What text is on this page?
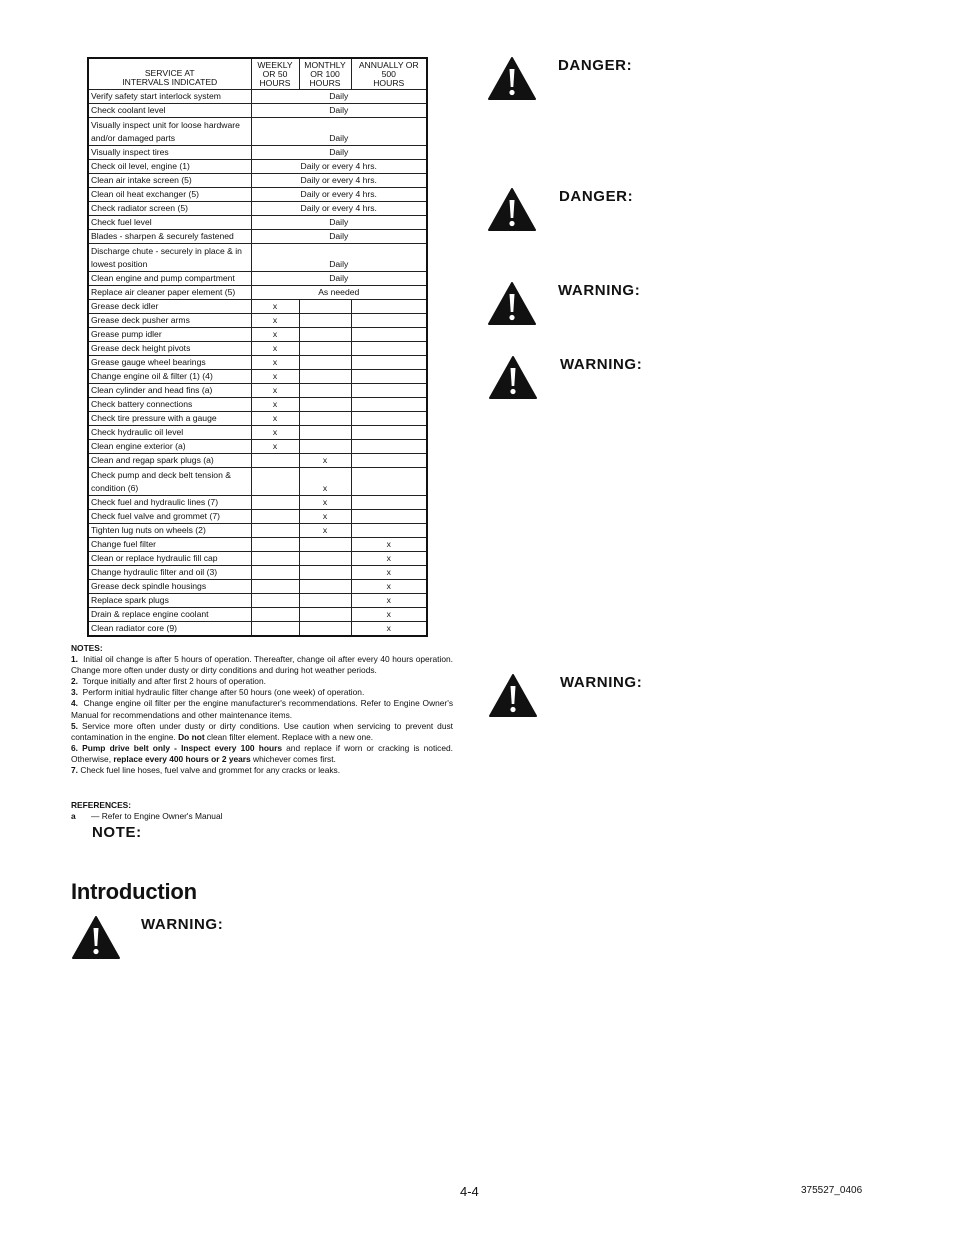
SERVICE AT
INTERVALS INDICATED	WEEKLY
OR 50
HOURS	MONTHLY
OR 100
HOURS	ANNUALLY OR
500
HOURS
Verify safety start interlock system	Daily		
Check coolant level	Daily		
Visually inspect unit for loose hardware and/or damaged parts	Daily		
Visually inspect tires	Daily		
Check oil level, engine (1)	Daily or every 4 hrs.		
Clean air intake screen (5)	Daily or every 4 hrs.		
Clean oil heat exchanger (5)	Daily or every 4 hrs.		
Check radiator screen (5)	Daily or every 4 hrs.		
Check fuel level	Daily		
Blades - sharpen & securely fastened	Daily		
Discharge chute - securely in place & in lowest position	Daily		
Clean engine and pump compartment	Daily		
Replace air cleaner paper element (5)	As needed		
Grease deck idler	x		
Grease deck pusher arms	x		
Grease pump idler	x		
Grease deck height pivots	x		
Grease gauge wheel bearings	x		
Change engine oil & filter (1) (4)	x		
Clean cylinder and head fins (a)	x		
Check battery connections	x		
Check tire pressure with a gauge	x		
Check hydraulic oil level	x		
Clean engine exterior (a)	x		
Clean and regap spark plugs (a)		x	
Check pump and deck belt tension & condition (6)		x	
Check fuel and hydraulic lines (7)		x	
Check fuel valve and grommet (7)		x	
Tighten lug nuts on wheels (2)		x	
Change fuel filter			x
Clean or replace hydraulic fill cap			x
Change hydraulic filter and oil (3)			x
Grease deck spindle housings			x
Replace spark plugs			x
Drain & replace engine coolant			x
Clean radiator core (9)			x
NOTES:

1. Initial oil change is after 5 hours of operation. Thereafter, change oil after every 40 hours operation. Change more often under dusty or dirty conditions and during hot weather periods.

2. Torque initially and after first 2 hours of operation.

3. Perform initial hydraulic filter change after 50 hours (one week) of operation.

4. Change engine oil filter per the engine manufacturer's recommendations. Refer to Engine Owner's Manual for recommendations and other maintenance items.

5. Service more often under dusty or dirty conditions. Use caution when servicing to prevent dust contamination in the engine. Do not clean filter element. Replace with a new one.

6. Pump drive belt only - Inspect every 100 hours and replace if worn or cracking is noticed. Otherwise, replace every 400 hours or 2 years whichever comes first.

7. Check fuel line hoses, fuel valve and grommet for any cracks or leaks.

REFERENCES:
a — Refer to Engine Owner's Manual
NOTE:
Introduction
WARNING:
DANGER:
DANGER:
WARNING:
WARNING:
WARNING:
4-4	375527_0406
